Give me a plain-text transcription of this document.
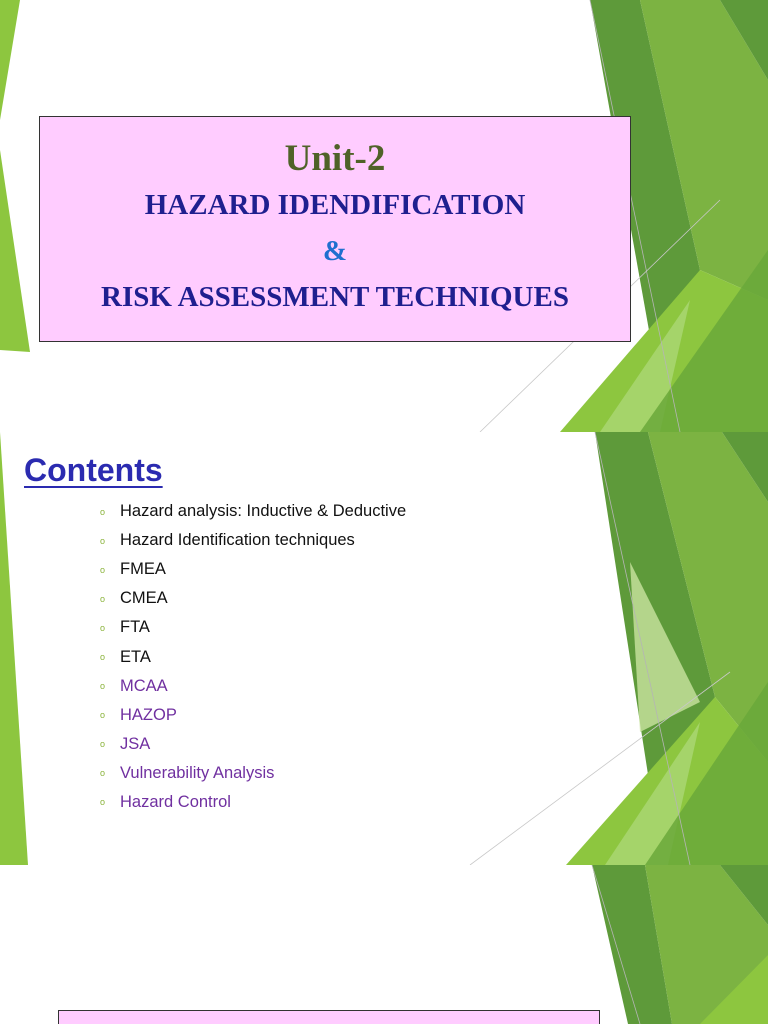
Unit-2
HAZARD IDENDIFICATION
&
RISK ASSESSMENT TECHNIQUES
Contents
o Hazard analysis: Inductive & Deductive
o Hazard Identification techniques
o FMEA
o CMEA
o FTA
o ETA
o MCAA
o HAZOP
o JSA
o Vulnerability Analysis
o Hazard Control
